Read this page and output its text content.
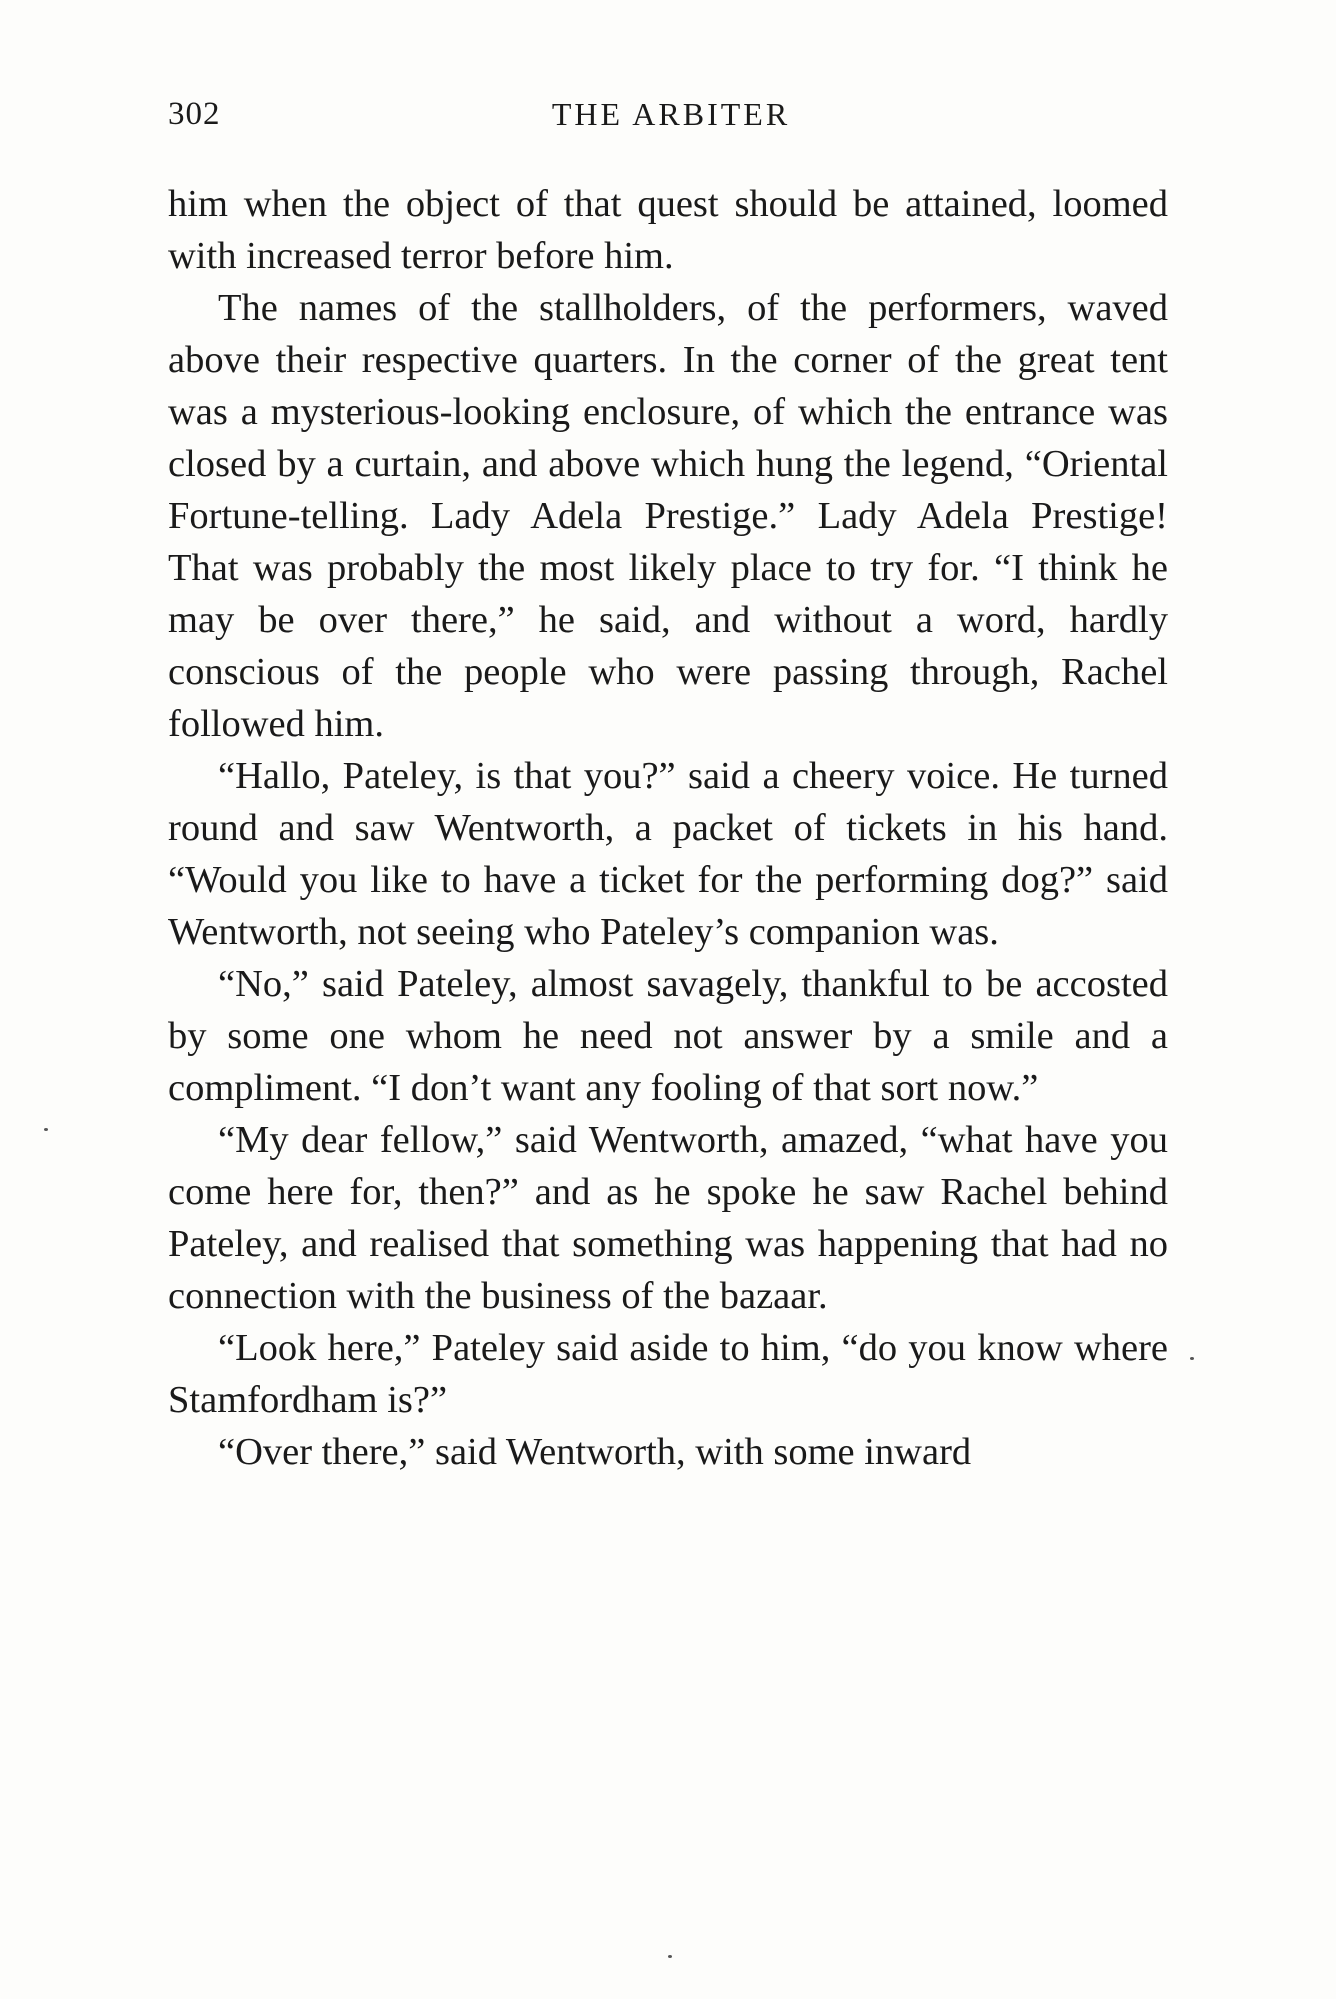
302	THE ARBITER

him when the object of that quest should be attained, loomed with increased terror before him.

The names of the stallholders, of the performers, waved above their respective quarters. In the corner of the great tent was a mysterious-looking enclosure, of which the entrance was closed by a curtain, and above which hung the legend, “Oriental Fortune-telling. Lady Adela Prestige.” Lady Adela Prestige! That was probably the most likely place to try for. “I think he may be over there,” he said, and without a word, hardly conscious of the people who were passing through, Rachel followed him.

“Hallo, Pateley, is that you?” said a cheery voice. He turned round and saw Wentworth, a packet of tickets in his hand. “Would you like to have a ticket for the performing dog?” said Wentworth, not seeing who Pateley’s companion was.

“No,” said Pateley, almost savagely, thankful to be accosted by some one whom he need not answer by a smile and a compliment. “I don’t want any fooling of that sort now.”

“My dear fellow,” said Wentworth, amazed, “what have you come here for, then?” and as he spoke he saw Rachel behind Pateley, and realised that something was happening that had no connection with the business of the bazaar.

“Look here,” Pateley said aside to him, “do you know where Stamfordham is?”

“Over there,” said Wentworth, with some inward
